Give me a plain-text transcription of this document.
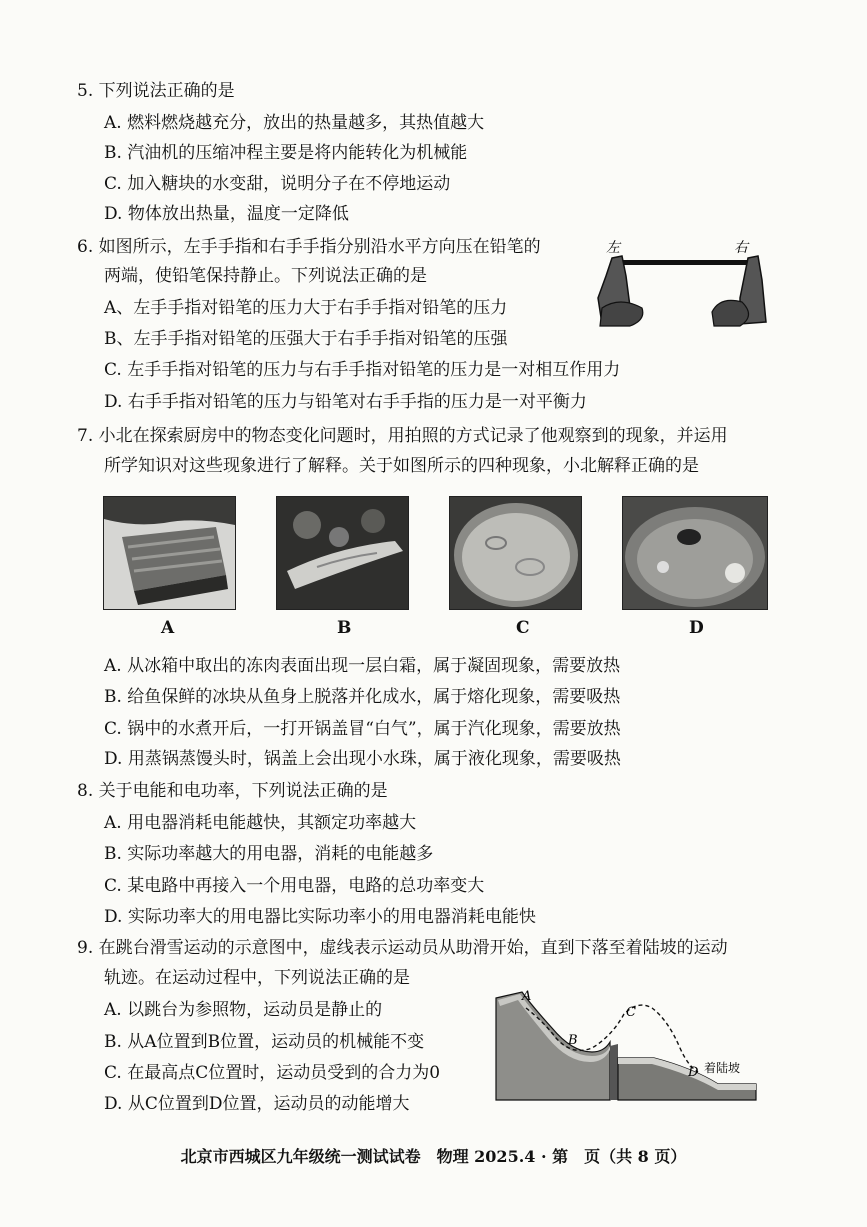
5. 下列说法正确的是
A. 燃料燃烧越充分，放出的热量越多，其热值越大
B. 汽油机的压缩冲程主要是将内能转化为机械能
C. 加入糖块的水变甜，说明分子在不停地运动
D. 物体放出热量，温度一定降低
6. 如图所示，左手手指和右手手指分别沿水平方向压在铅笔的
两端，使铅笔保持静止。下列说法正确的是
A、左手手指对铅笔的压力大于右手手指对铅笔的压力
B、左手手指对铅笔的压强大于右手手指对铅笔的压强
C. 左手手指对铅笔的压力与右手手指对铅笔的压力是一对相互作用力
D. 右手手指对铅笔的压力与铅笔对右手手指的压力是一对平衡力
左	右
7. 小北在探索厨房中的物态变化问题时，用拍照的方式记录了他观察到的现象，并运用
所学知识对这些现象进行了解释。关于如图所示的四种现象，小北解释正确的是
A	B	C	D
A. 从冰箱中取出的冻肉表面出现一层白霜，属于凝固现象，需要放热
B. 给鱼保鲜的冰块从鱼身上脱落并化成水，属于熔化现象，需要吸热
C. 锅中的水煮开后，一打开锅盖冒“白气”，属于汽化现象，需要放热
D. 用蒸锅蒸馒头时，锅盖上会出现小水珠，属于液化现象，需要吸热
8. 关于电能和电功率，下列说法正确的是
A. 用电器消耗电能越快，其额定功率越大
B. 实际功率越大的用电器，消耗的电能越多
C. 某电路中再接入一个用电器，电路的总功率变大
D. 实际功率大的用电器比实际功率小的用电器消耗电能快
9. 在跳台滑雪运动的示意图中，虚线表示运动员从助滑开始，直到下落至着陆坡的运动
轨迹。在运动过程中，下列说法正确的是
A. 以跳台为参照物，运动员是静止的
B. 从A位置到B位置，运动员的机械能不变
C. 在最高点C位置时，运动员受到的合力为0
D. 从C位置到D位置，运动员的动能增大
A
B
C
D 着陆坡
北京市西城区九年级统一测试试卷　物理 2025.4 · 第　页（共 8 页）
